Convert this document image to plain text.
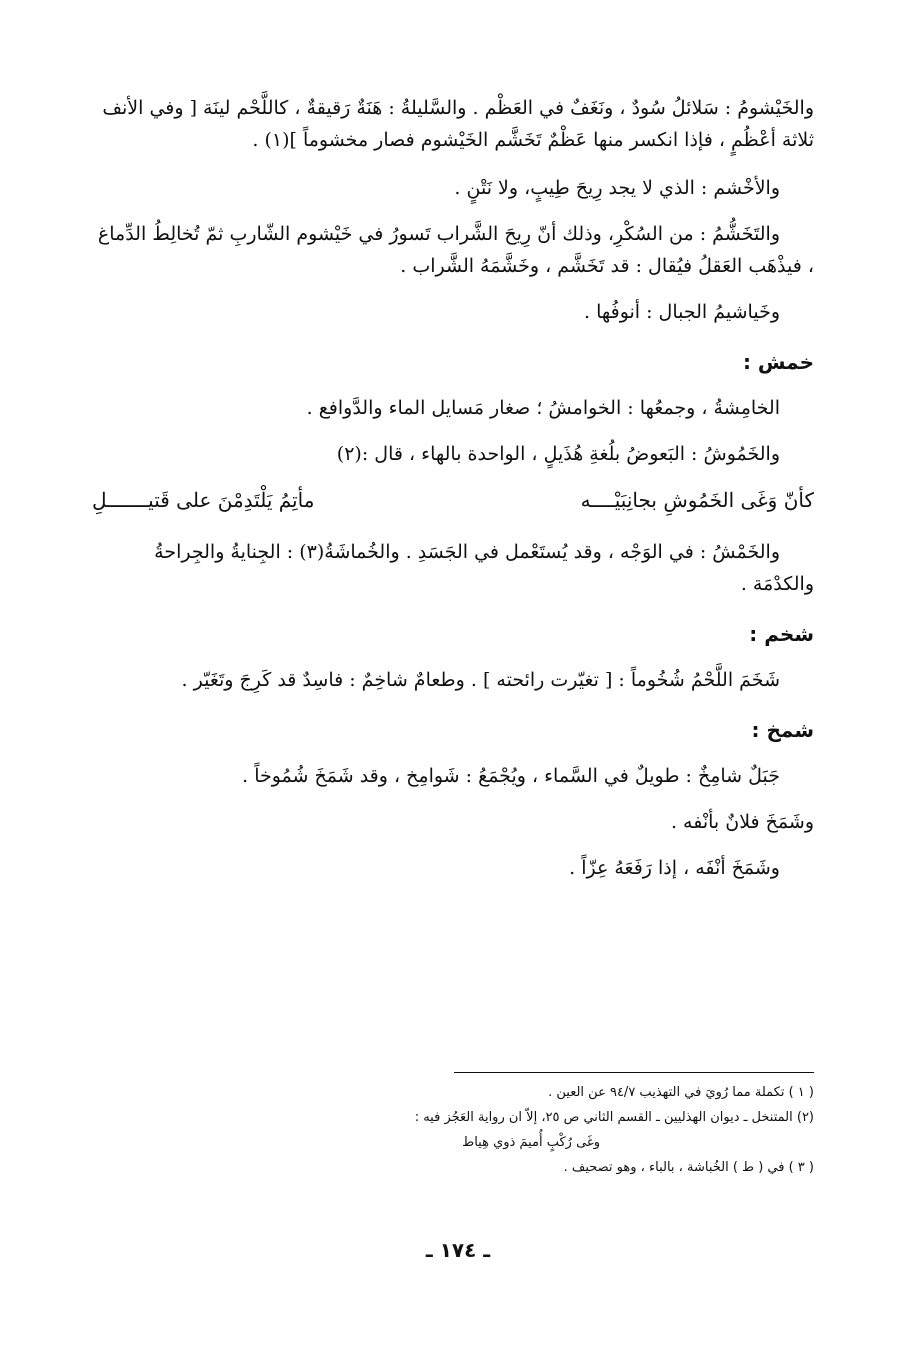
والخَيْشومُ : سَلائلُ سُودٌ ، ونَغَفٌ في العَظْم . والسَّليلةُ : هَنَةٌ رَقيقةٌ ، كاللَّحْم لينَة [ وفي الأنف ثلاثة أعْظُمٍ ، فإذا انكسر منها عَظْمٌ تَخَشَّم الخَيْشوم فصار مخشوماً ](١) .

والأخْشم : الذي لا يجد رِيحَ طِيبٍ، ولا نَتْنٍ .

والتَخَشُّمُ : من السُكْرِ، وذلك أنّ رِيحَ الشَّراب تَسورُ في خَيْشوم الشّاربِ ثمّ تُخالِطُ الدِّماغ ، فيذْهَب العَقلُ فيُقال : قد تَخَشَّم ، وخَشَّمَهُ الشَّراب .

وخَياشيمُ الجبال : أنوفُها .

خمش :

الخامِشةُ ، وجمعُها : الخوامشُ ؛ صغار مَسايل الماء والدَّوافع .

والخَمُوشُ : البَعوضُ بلُغةِ هُذَيلٍ ، الواحدة بالهاء ، قال :(٢)

كأنّ وَغَى الخَمُوشِ بجانِبَيْــــه
مأتِمُ يَلْتَدِمْنَ على قَتيـــــــلِ

والخَمْشُ : في الوَجْه ، وقد يُستَعْمل في الجَسَدِ . والخُماشَةُ(٣) : الجِنايةُ والجِراحةُ والكدْمَة .

شخم :

شَخَمَ اللَّحْمُ شُخُوماً : [ تغيّرت رائحته ] . وطعامٌ شاخِمٌ : فاسِدٌ قد كَرِجَ وتَغَيّر .

شمخ :

جَبَلٌ شامِخٌ : طويلٌ في السَّماء ، ويُجْمَعُ : شَوامِخ ، وقد شَمَخَ شُمُوخاً .

وشَمَخَ فلانٌ بأنْفه .

وشَمَخَ أنْفَه ، إذا رَفَعَهُ عِزّاً .

( ١ ) تكملة مما رُويَ في التهذيب ٩٤/٧ عن العين .

(٢) المتنخل ـ ديوان الهذليين ـ القسم الثاني ص ٢٥، إلاّ ان رواية العَجُز فيه :

وغَى رُكْبٍ أُميمَ ذوي هِياط

( ٣ ) في ( ط ) الخُباشة ، بالباء ، وهو تصحيف .

ـ ١٧٤ ـ
